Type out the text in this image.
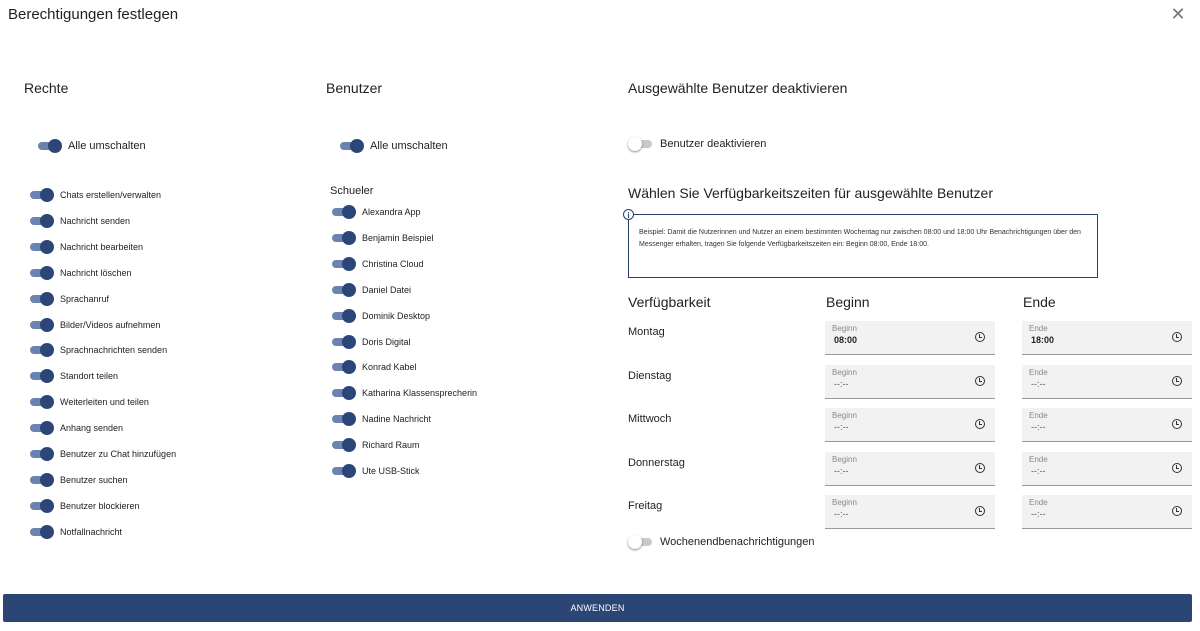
Berechtigungen festlegen	✕
Rechte
Alle umschalten
Chats erstellen/verwalten
Nachricht senden
Nachricht bearbeiten
Nachricht löschen
Sprachanruf
Bilder/Videos aufnehmen
Sprachnachrichten senden
Standort teilen
Weiterleiten und teilen
Anhang senden
Benutzer zu Chat hinzufügen
Benutzer suchen
Benutzer blockieren
Notfallnachricht
Benutzer
Alle umschalten
Schueler
Alexandra App
Benjamin Beispiel
Christina Cloud
Daniel Datei
Dominik Desktop
Doris Digital
Konrad Kabel
Katharina Klassensprecherin
Nadine Nachricht
Richard Raum
Ute USB-Stick
Ausgewählte Benutzer deaktivieren
Benutzer deaktivieren
Wählen Sie Verfügbarkeitszeiten für ausgewählte Benutzer
Beispiel: Damit die Nutzerinnen und Nutzer an einem bestimmten Wochentag nur zwischen 08:00 und 18:00 Uhr Benachrichtigungen über den Messenger erhalten, tragen Sie folgende Verfügbarkeitszeiten ein: Beginn 08:00, Ende 18:00.
i
Verfügbarkeit	Beginn	Ende
Montag	Beginn
08:00
Ende
18:00
Dienstag	Beginn
--:--
Ende
--:--
Mittwoch	Beginn
--:--
Ende
--:--
Donnerstag	Beginn
--:--
Ende
--:--
Freitag	Beginn
--:--
Ende
--:--
Wochenendbenachrichtigungen
ANWENDEN
